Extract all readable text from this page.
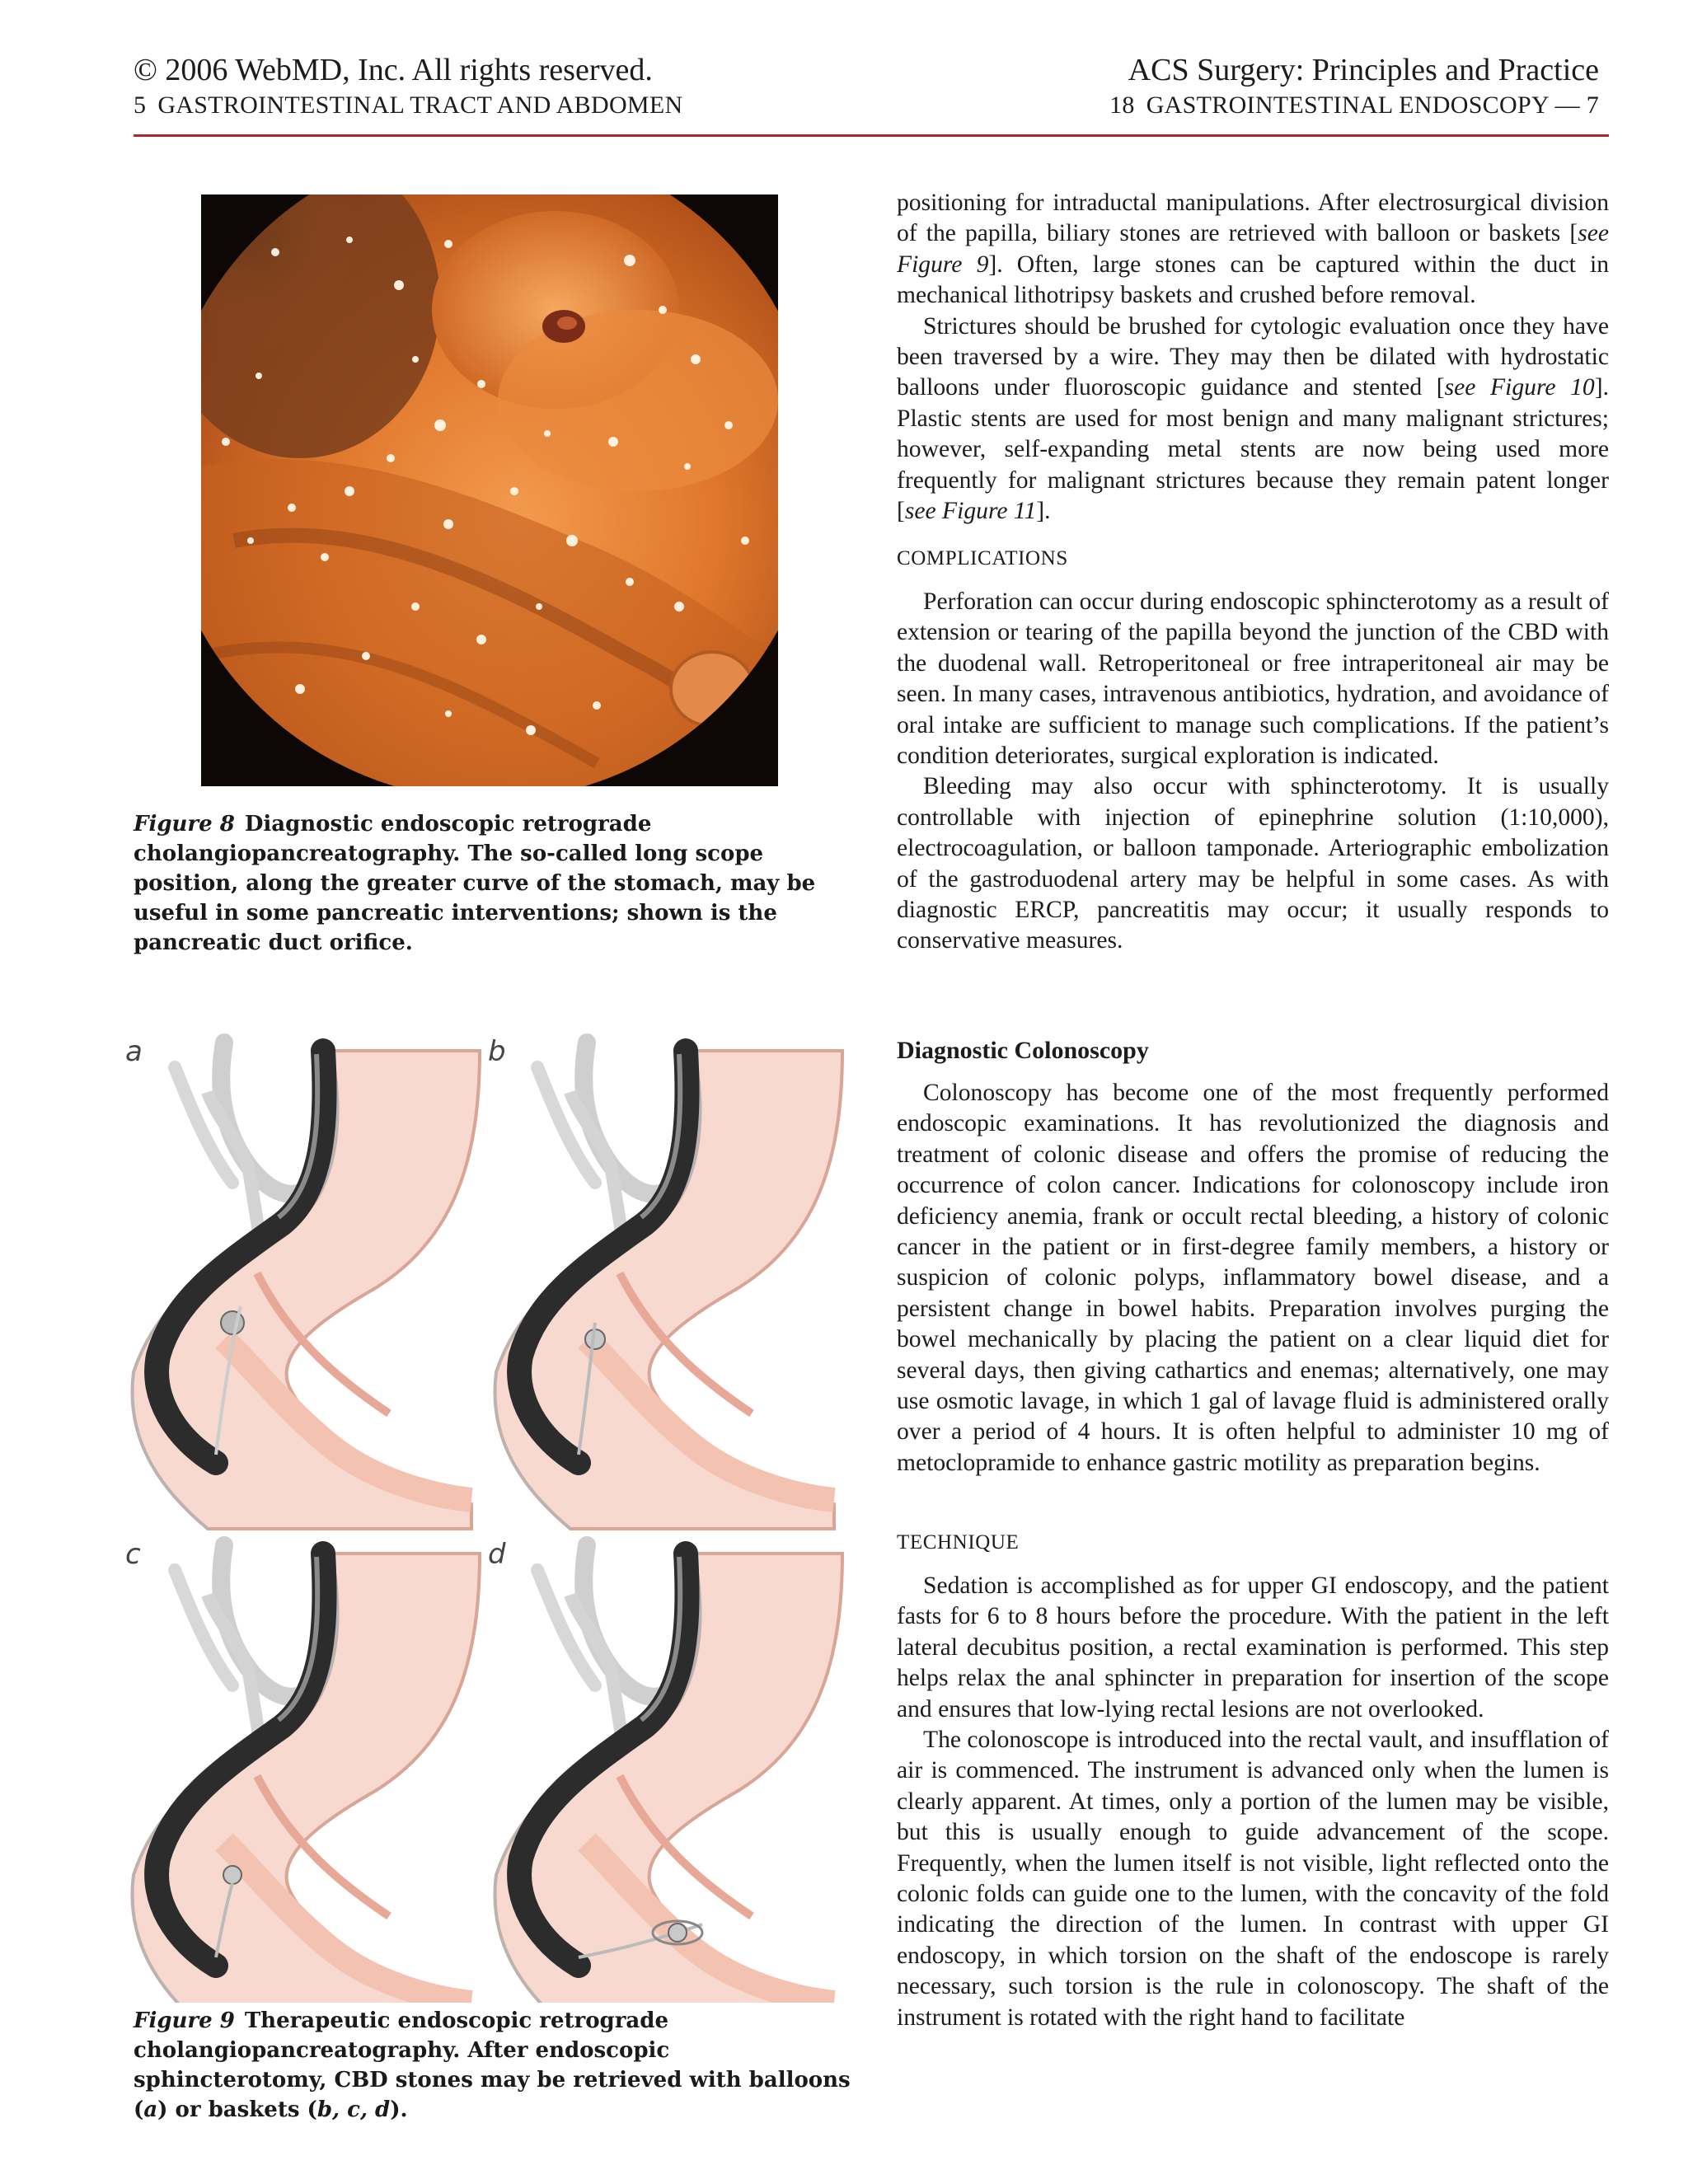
© 2006 WebMD, Inc. All rights reserved.
5 GASTROINTESTINAL TRACT AND ABDOMEN
ACS Surgery: Principles and Practice
18 GASTROINTESTINAL ENDOSCOPY — 7
Figure 8 Diagnostic endoscopic retrograde cholangiopancreatography. The so-called long scope position, along the greater curve of the stomach, may be useful in some pancreatic interventions; shown is the pancreatic duct orifice.
a	b
c	d
Figure 9 Therapeutic endoscopic retrograde cholangiopancreatography. After endoscopic sphincterotomy, CBD stones may be retrieved with balloons (a) or baskets (b, c, d).

positioning for intraductal manipulations. After electrosurgical division of the papilla, biliary stones are retrieved with balloon or baskets [see Figure 9]. Often, large stones can be captured within the duct in mechanical lithotripsy baskets and crushed before removal.

Strictures should be brushed for cytologic evaluation once they have been traversed by a wire. They may then be dilated with hydrostatic balloons under fluoroscopic guidance and stented [see Figure 10]. Plastic stents are used for most benign and many malignant strictures; however, self-expanding metal stents are now being used more frequently for malignant strictures because they remain patent longer [see Figure 11].

COMPLICATIONS

Perforation can occur during endoscopic sphincterotomy as a result of extension or tearing of the papilla beyond the junction of the CBD with the duodenal wall. Retroperitoneal or free intraperitoneal air may be seen. In many cases, intravenous antibiotics, hydration, and avoidance of oral intake are sufficient to manage such complications. If the patient’s condition deteriorates, surgical exploration is indicated.

Bleeding may also occur with sphincterotomy. It is usually controllable with injection of epinephrine solution (1:10,000), electrocoagulation, or balloon tamponade. Arteriographic embolization of the gastroduodenal artery may be helpful in some cases. As with diagnostic ERCP, pancreatitis may occur; it usually responds to conservative measures.

Diagnostic Colonoscopy

Colonoscopy has become one of the most frequently performed endoscopic examinations. It has revolutionized the diagnosis and treatment of colonic disease and offers the promise of reducing the occurrence of colon cancer. Indications for colonoscopy include iron deficiency anemia, frank or occult rectal bleeding, a history of colonic cancer in the patient or in first-degree family members, a history or suspicion of colonic polyps, inflammatory bowel disease, and a persistent change in bowel habits. Preparation involves purging the bowel mechanically by placing the patient on a clear liquid diet for several days, then giving cathartics and enemas; alternatively, one may use osmotic lavage, in which 1 gal of lavage fluid is administered orally over a period of 4 hours. It is often helpful to administer 10 mg of metoclopramide to enhance gastric motility as preparation begins.

TECHNIQUE

Sedation is accomplished as for upper GI endoscopy, and the patient fasts for 6 to 8 hours before the procedure. With the patient in the left lateral decubitus position, a rectal examination is performed. This step helps relax the anal sphincter in preparation for insertion of the scope and ensures that low-lying rectal lesions are not overlooked.

The colonoscope is introduced into the rectal vault, and insufflation of air is commenced. The instrument is advanced only when the lumen is clearly apparent. At times, only a portion of the lumen may be visible, but this is usually enough to guide advancement of the scope. Frequently, when the lumen itself is not visible, light reflected onto the colonic folds can guide one to the lumen, with the concavity of the fold indicating the direction of the lumen. In contrast with upper GI endoscopy, in which torsion on the shaft of the endoscope is rarely necessary, such torsion is the rule in colonoscopy. The shaft of the instrument is rotated with the right hand to facilitate
